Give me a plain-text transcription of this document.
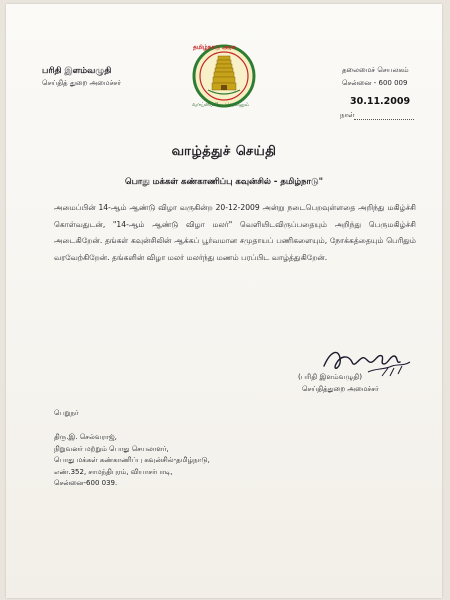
பரிதி இளம்வழுதி
செய்தித் துறை அமைச்சர்
தமிழ்நாடு அரசு
வாய்மையே வெல்லும்
தலைமைச் செயலகம்
சென்னை - 600 009
30.11.2009
நாள்
வாழ்த்துச் செய்தி
பொது மக்கள் கண்காணிப்பு கவுன்சில் - தமிழ்நாடு"

அமைப்பின் 14-ஆம் ஆண்டு விழா வருகின்ற 20-12-2009 அன்று நடைபெறவுள்ளதை அறிந்து மகிழ்ச்சி கொள்வதுடன், "14-ஆம் ஆண்டு விழா மலர்" வெளியிடவிருப்பதையும் அறிந்து பெருமகிழ்ச்சி அடைகிறேன். தங்கள் கவுன்சிலின் ஆக்கப் பூர்வமான சமுதாயப் பணிகளையும், நோக்கத்தையும் பெரிதும் வரவேற்கிறேன். தங்களின் விழா மலர் மலர்ந்து மணம் பரப்பிட வாழ்த்துகிறேன்.

(பரிதி இளம்வழுதி)
செய்தித்துறை அமைச்சர்
பெறுநர்
திரு.இ. செல்வராஜ்,
நிறுவனர் மற்றும் பொது செயலாளர்,
பொது மக்கள் கண்காணிப்பு கவுன்சில்-தமிழ்நாடு,
எண்.352, சாமந்திபுரம், வியாசர்பாடி,
சென்னை-600 039.
